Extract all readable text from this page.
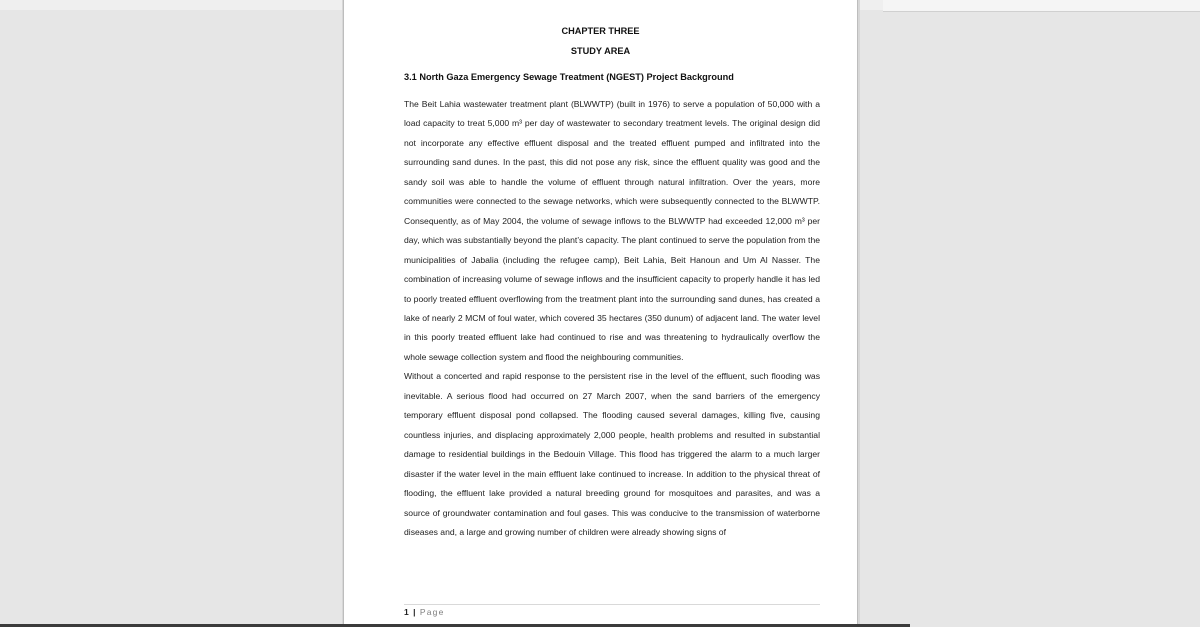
CHAPTER THREE
STUDY AREA
3.1 North Gaza Emergency Sewage Treatment (NGEST) Project Background

The Beit Lahia wastewater treatment plant (BLWWTP) (built in 1976) to serve a population of 50,000 with a load capacity to treat 5,000 m³ per day of wastewater to secondary treatment levels. The original design did not incorporate any effective effluent disposal and the treated effluent pumped and infiltrated into the surrounding sand dunes. In the past, this did not pose any risk, since the effluent quality was good and the sandy soil was able to handle the volume of effluent through natural infiltration. Over the years, more communities were connected to the sewage networks, which were subsequently connected to the BLWWTP. Consequently, as of May 2004, the volume of sewage inflows to the BLWWTP had exceeded 12,000 m³ per day, which was substantially beyond the plant’s capacity. The plant continued to serve the population from the municipalities of Jabalia (including the refugee camp), Beit Lahia, Beit Hanoun and Um Al Nasser. The combination of increasing volume of sewage inflows and the insufficient capacity to properly handle it has led to poorly treated effluent overflowing from the treatment plant into the surrounding sand dunes, has created a lake of nearly 2 MCM of foul water, which covered 35 hectares (350 dunum) of adjacent land. The water level in this poorly treated effluent lake had continued to rise and was threatening to hydraulically overflow the whole sewage collection system and flood the neighbouring communities.

Without a concerted and rapid response to the persistent rise in the level of the effluent, such flooding was inevitable. A serious flood had occurred on 27 March 2007, when the sand barriers of the emergency temporary effluent disposal pond collapsed. The flooding caused several damages, killing five, causing countless injuries, and displacing approximately 2,000 people, health problems and resulted in substantial damage to residential buildings in the Bedouin Village. This flood has triggered the alarm to a much larger disaster if the water level in the main effluent lake continued to increase. In addition to the physical threat of flooding, the effluent lake provided a natural breeding ground for mosquitoes and parasites, and was a source of groundwater contamination and foul gases. This was conducive to the transmission of waterborne diseases and, a large and growing number of children were already showing signs of

1 | Page
